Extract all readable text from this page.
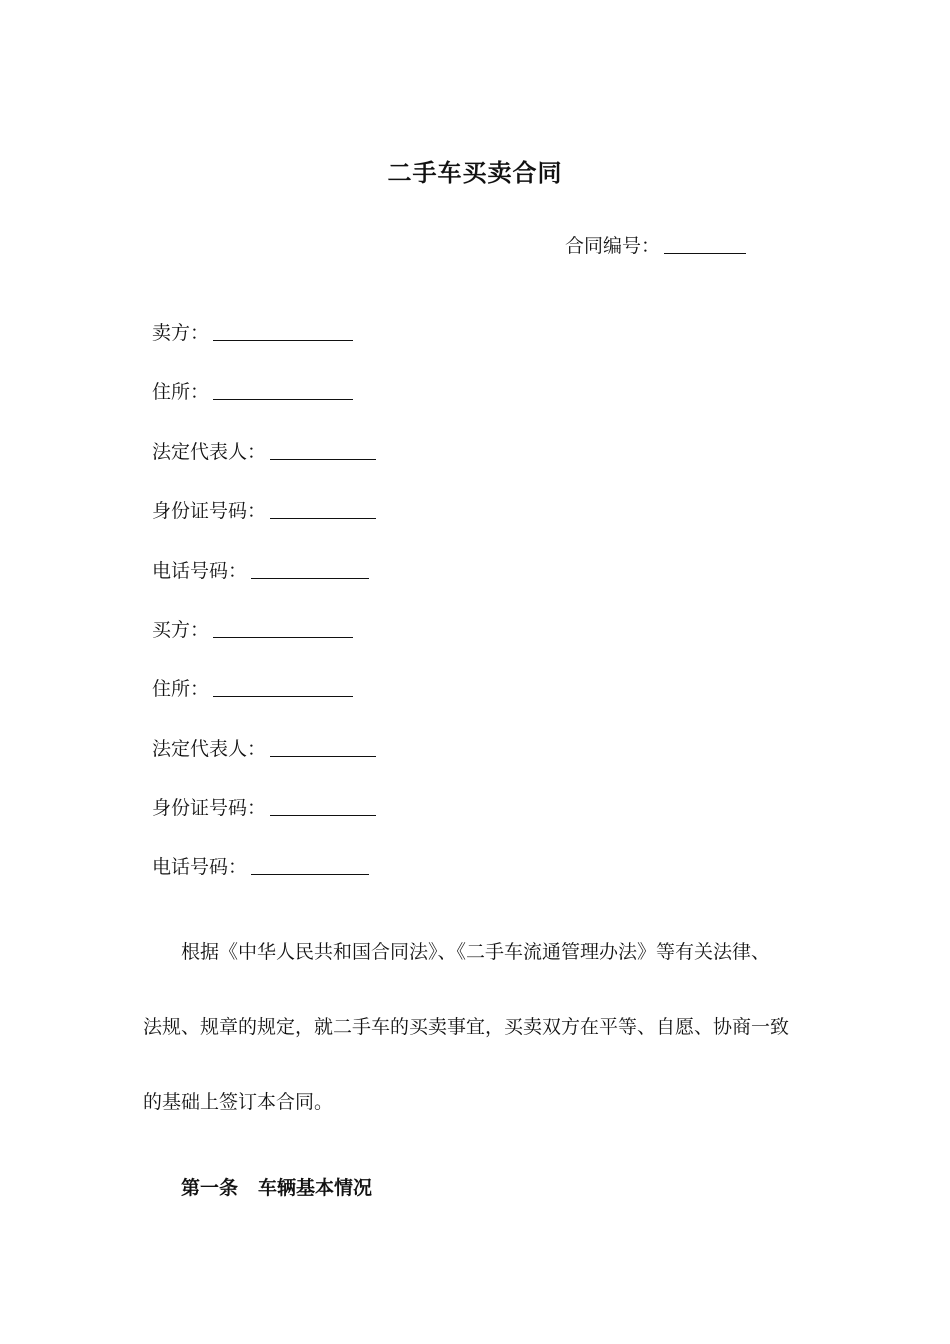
二手车买卖合同
合同编号：
卖方：
住所：
法定代表人：
身份证号码：
电话号码：
买方：
住所：
法定代表人：
身份证号码：
电话号码：
根据《中华人民共和国合同法》、《二手车流通管理办法》等有关法律、
法规、规章的规定，就二手车的买卖事宜，买卖双方在平等、自愿、协商一致
的基础上签订本合同。
第一条 车辆基本情况
